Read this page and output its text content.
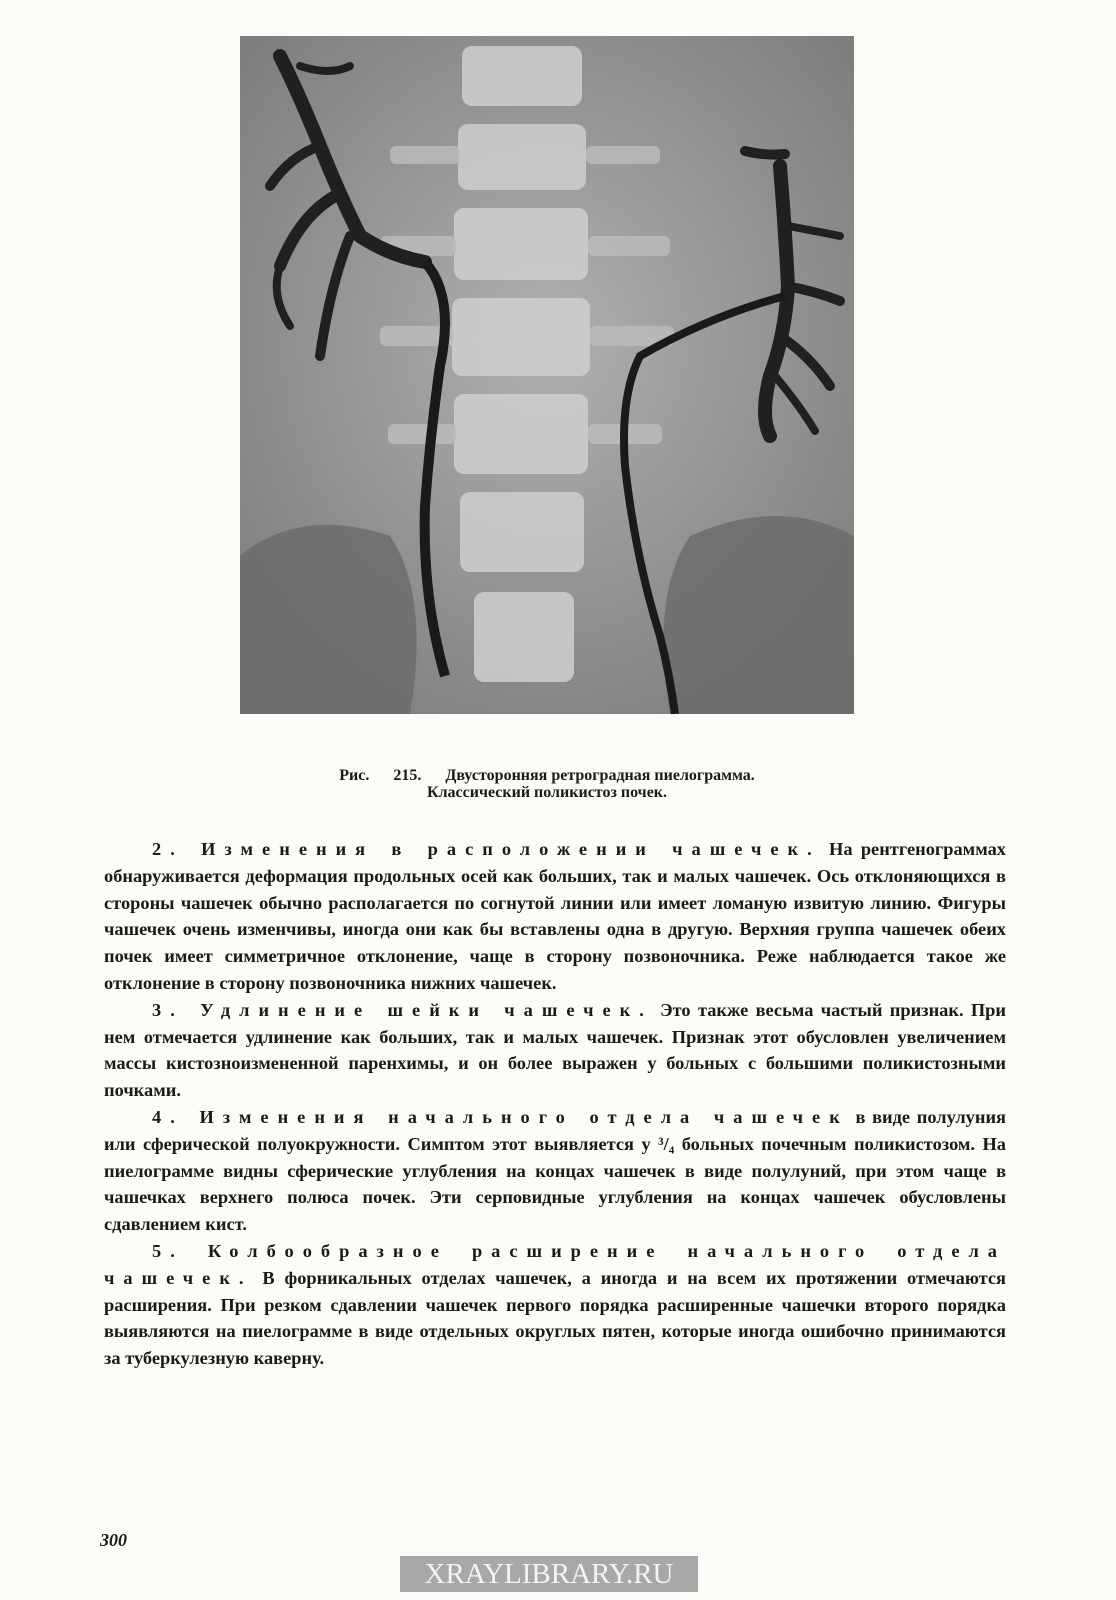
Рис. 215. Двусторонняя ретроградная пиелограмма.
Классический поликистоз почек.

2. Изменения в расположении чашечек. На рентгенограммах обнаруживается деформация продольных осей как больших, так и малых чашечек. Ось отклоняющихся в стороны чашечек обычно располагается по согнутой линии или имеет ломаную извитую линию. Фигуры чашечек очень изменчивы, иногда они как бы вставлены одна в другую. Верхняя группа чашечек обеих почек имеет симметричное отклонение, чаще в сторону позвоночника. Реже наблюдается такое же отклонение в сторону позвоночника нижних чашечек.

3. Удлинение шейки чашечек. Это также весьма частый признак. При нем отмечается удлинение как больших, так и малых чашечек. Признак этот обусловлен увеличением массы кистозноизмененной паренхимы, и он более выражен у больных с большими поликистозными почками.

4. Изменения начального отдела чашечек в виде полулуния или сферической полуокружности. Симптом этот выявляется у ³/₄ больных почечным поликистозом. На пиелограмме видны сферические углубления на концах чашечек в виде полулуний, при этом чаще в чашечках верхнего полюса почек. Эти серповидные углубления на концах чашечек обусловлены сдавлением кист.

5. Колбообразное расширение начального отдела чашечек. В форникальных отделах чашечек, а иногда и на всем их протяжении отмечаются расширения. При резком сдавлении чашечек первого порядка расширенные чашечки второго порядка выявляются на пиелограмме в виде отдельных округлых пятен, которые иногда ошибочно принимаются за туберкулезную каверну.

300
XRAYLIBRARY.RU
